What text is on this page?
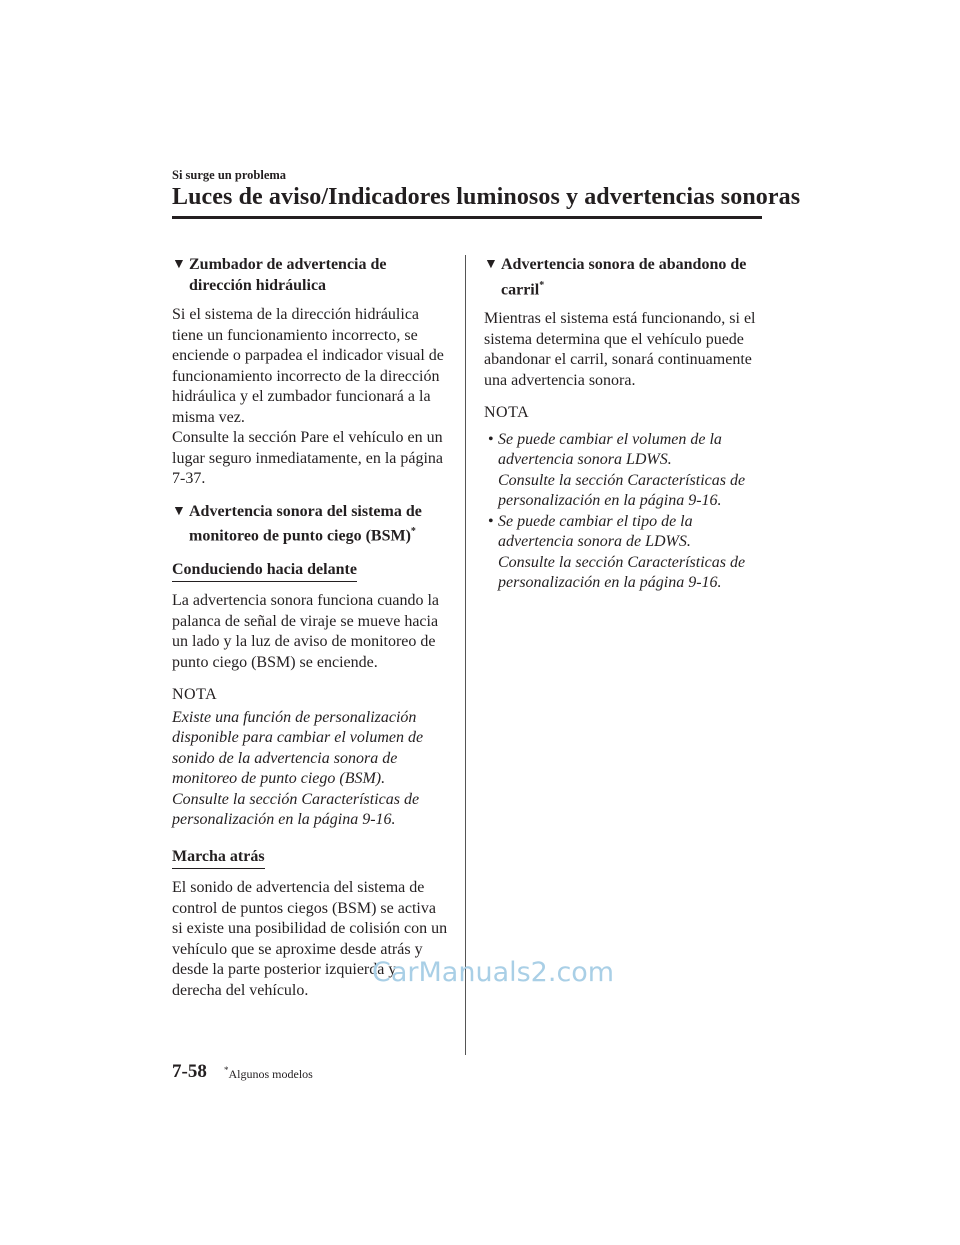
Si surge un problema
Luces de aviso/Indicadores luminosos y advertencias sonoras
▼ Zumbador de advertencia de dirección hidráulica

Si el sistema de la dirección hidráulica tiene un funcionamiento incorrecto, se enciende o parpadea el indicador visual de funcionamiento incorrecto de la dirección hidráulica y el zumbador funcionará a la misma vez.

Consulte la sección Pare el vehículo en un lugar seguro inmediatamente, en la página 7-37.

▼ Advertencia sonora del sistema de monitoreo de punto ciego (BSM)*
Conduciendo hacia delante

La advertencia sonora funciona cuando la palanca de señal de viraje se mueve hacia un lado y la luz de aviso de monitoreo de punto ciego (BSM) se enciende.

NOTA

Existe una función de personalización disponible para cambiar el volumen de sonido de la advertencia sonora de monitoreo de punto ciego (BSM).

Consulte la sección Características de personalización en la página 9-16.

Marcha atrás

El sonido de advertencia del sistema de control de puntos ciegos (BSM) se activa si existe una posibilidad de colisión con un vehículo que se aproxime desde atrás y desde la parte posterior izquierda y derecha del vehículo.

▼ Advertencia sonora de abandono de carril*

Mientras el sistema está funcionando, si el sistema determina que el vehículo puede abandonar el carril, sonará continuamente una advertencia sonora.

NOTA

• Se puede cambiar el volumen de la advertencia sonora LDWS.
Consulte la sección Características de personalización en la página 9-16.
• Se puede cambiar el tipo de la advertencia sonora de LDWS.
Consulte la sección Características de personalización en la página 9-16.
CarManuals2.com
7-58 *Algunos modelos
